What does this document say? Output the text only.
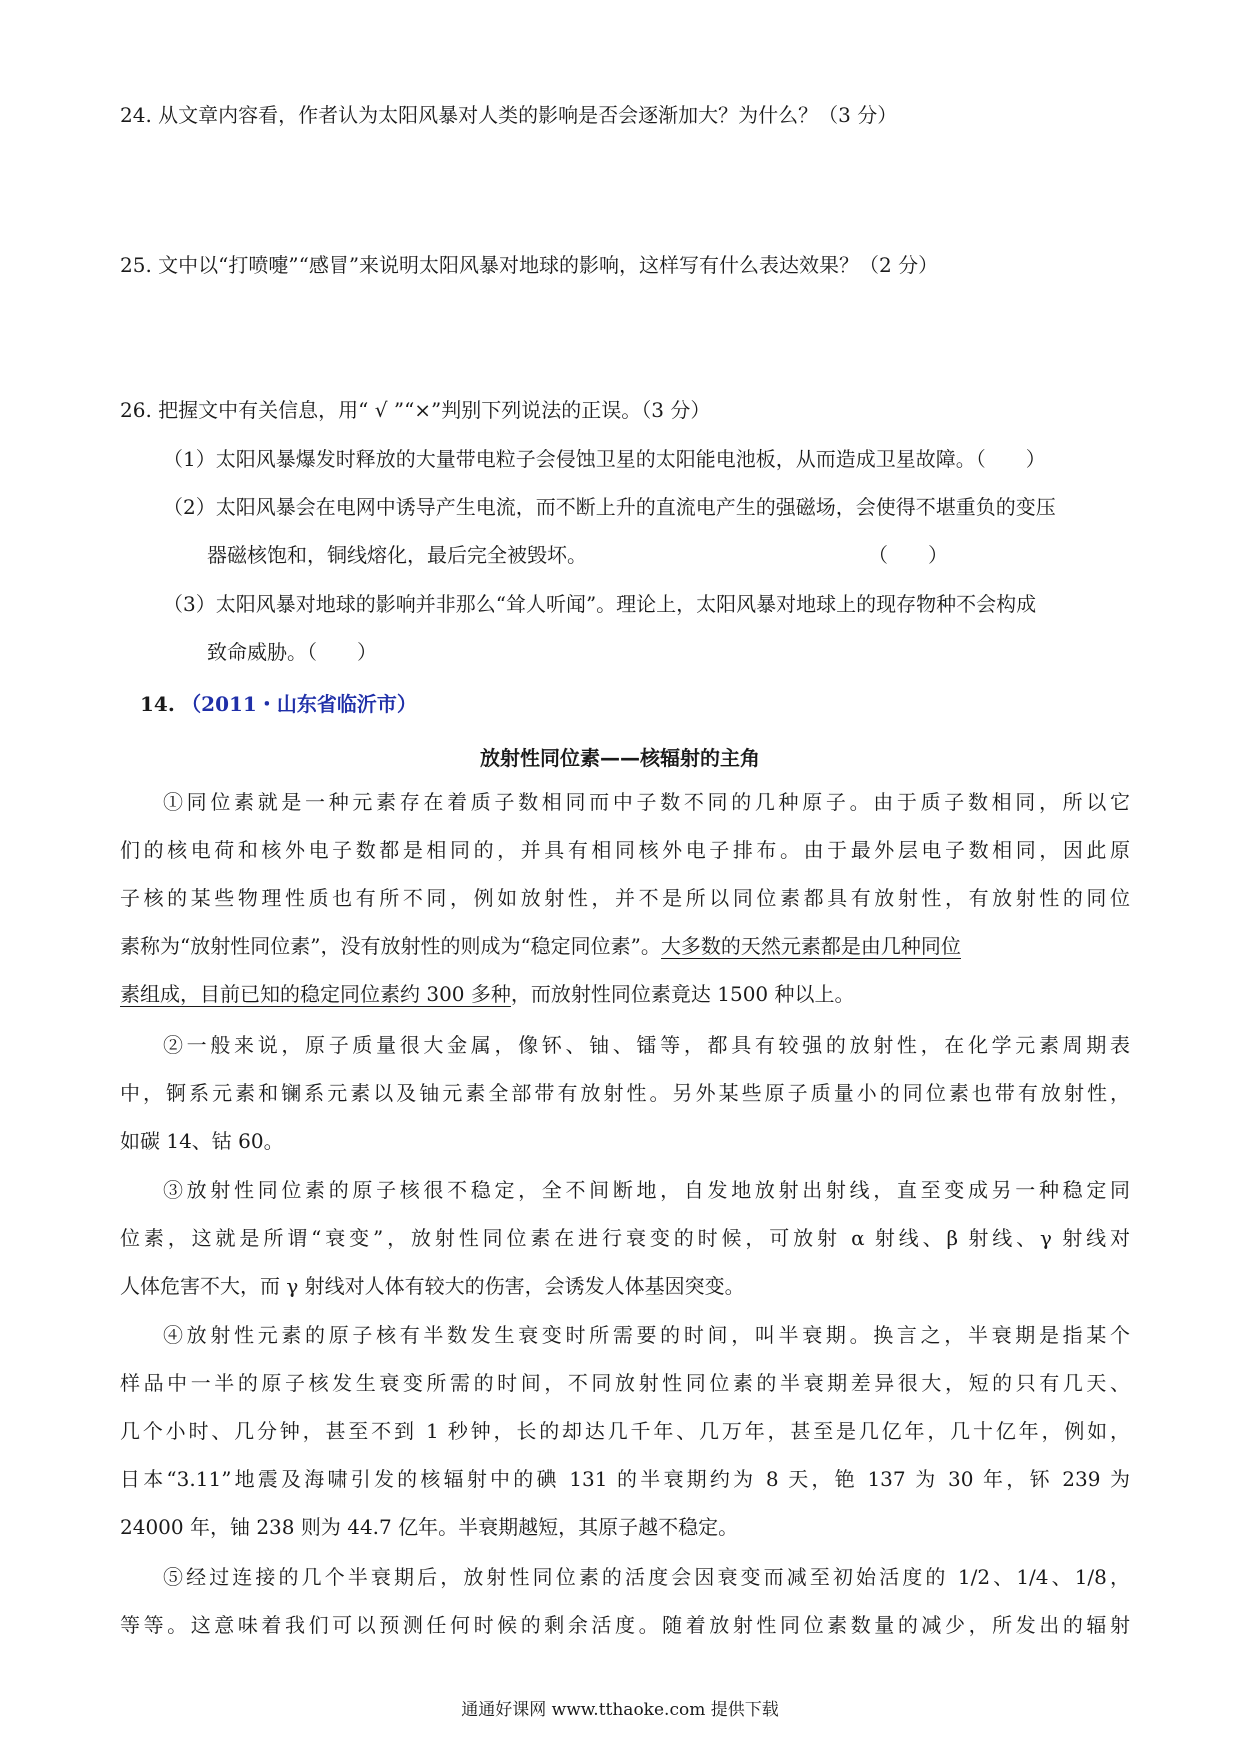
24. 从文章内容看，作者认为太阳风暴对人类的影响是否会逐渐加大？为什么？（3 分）
25. 文中以“打喷嚏”“感冒”来说明太阳风暴对地球的影响，这样写有什么表达效果？（2 分）
26. 把握文中有关信息，用“ √ ”“×”判别下列说法的正误。（3 分）
（1）太阳风暴爆发时释放的大量带电粒子会侵蚀卫星的太阳能电池板，从而造成卫星故障。（　　）
（2）太阳风暴会在电网中诱导产生电流，而不断上升的直流电产生的强磁场，会使得不堪重负的变压
器磁核饱和，铜线熔化，最后完全被毁坏。	（　　）
（3）太阳风暴对地球的影响并非那么“耸人听闻”。理论上，太阳风暴对地球上的现存物种不会构成
致命威胁。（　　）
14. （2011・山东省临沂市）
放射性同位素——核辐射的主角
①同位素就是一种元素存在着质子数相同而中子数不同的几种原子。由于质子数相同，所以它
们的核电荷和核外电子数都是相同的，并具有相同核外电子排布。由于最外层电子数相同，因此原
子核的某些物理性质也有所不同，例如放射性，并不是所以同位素都具有放射性，有放射性的同位
素称为“放射性同位素”，没有放射性的则成为“稳定同位素”。大多数的天然元素都是由几种同位
素组成，目前已知的稳定同位素约 300 多种，而放射性同位素竟达 1500 种以上。
②一般来说，原子质量很大金属，像钚、铀、镭等，都具有较强的放射性，在化学元素周期表
中，锕系元素和镧系元素以及铀元素全部带有放射性。另外某些原子质量小的同位素也带有放射性，
如碳 14、钴 60。
③放射性同位素的原子核很不稳定，全不间断地，自发地放射出射线，直至变成另一种稳定同
位素，这就是所谓“衰变”，放射性同位素在进行衰变的时候，可放射 α 射线、β 射线、γ 射线对
人体危害不大，而 γ 射线对人体有较大的伤害，会诱发人体基因突变。
④放射性元素的原子核有半数发生衰变时所需要的时间，叫半衰期。换言之，半衰期是指某个
样品中一半的原子核发生衰变所需的时间，不同放射性同位素的半衰期差异很大，短的只有几天、
几个小时、几分钟，甚至不到 1 秒钟，长的却达几千年、几万年，甚至是几亿年，几十亿年，例如，
日本“3.11”地震及海啸引发的核辐射中的碘 131 的半衰期约为 8 天，铯 137 为 30 年，钚 239 为
24000 年，铀 238 则为 44.7 亿年。半衰期越短，其原子越不稳定。
⑤经过连接的几个半衰期后，放射性同位素的活度会因衰变而减至初始活度的 1/2、1/4、1/8，
等等。这意味着我们可以预测任何时候的剩余活度。随着放射性同位素数量的减少，所发出的辐射
通通好课网 www.tthaoke.com 提供下载
